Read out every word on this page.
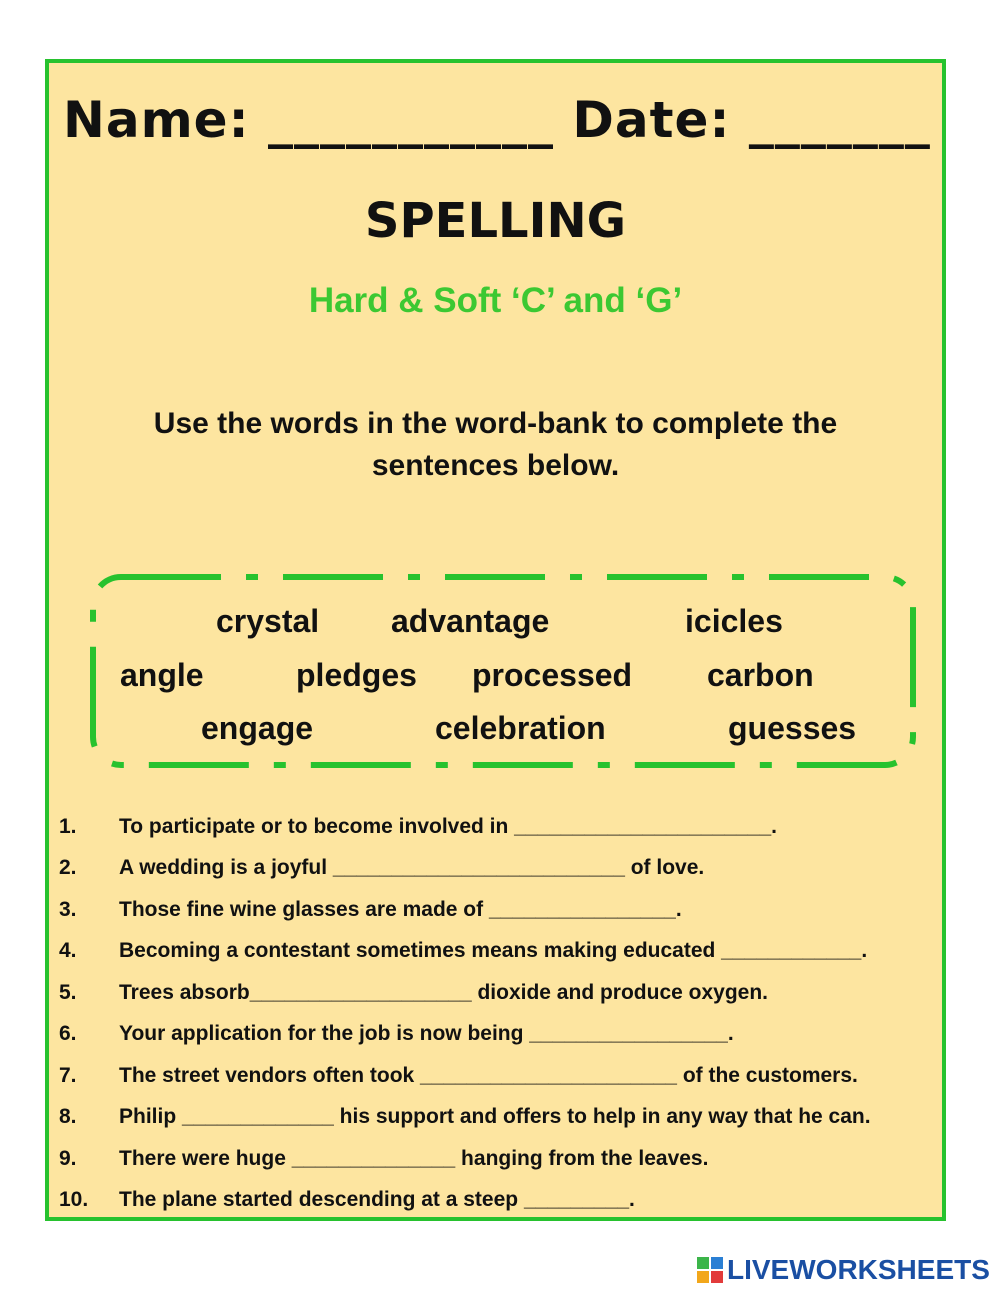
Name: ___________ Date: _______
SPELLING
Hard & Soft ‘C’ and ‘G’
Use the words in the word-bank to complete the sentences below.
crystal advantage	icicles
angle	pledges processed carbon
engage	celebration	guesses
1. To participate or to become involved in ______________________.
2. A wedding is a joyful _________________________ of love.
3. Those fine wine glasses are made of ________________.
4. Becoming a contestant sometimes means making educated ____________.
5. Trees absorb___________________ dioxide and produce oxygen.
6. Your application for the job is now being _________________.
7. The street vendors often took ______________________ of the customers.
8. Philip _____________ his support and offers to help in any way that he can.
9. There were huge ______________ hanging from the leaves.
10. The plane started descending at a steep _________.
LIVEWORKSHEETS
